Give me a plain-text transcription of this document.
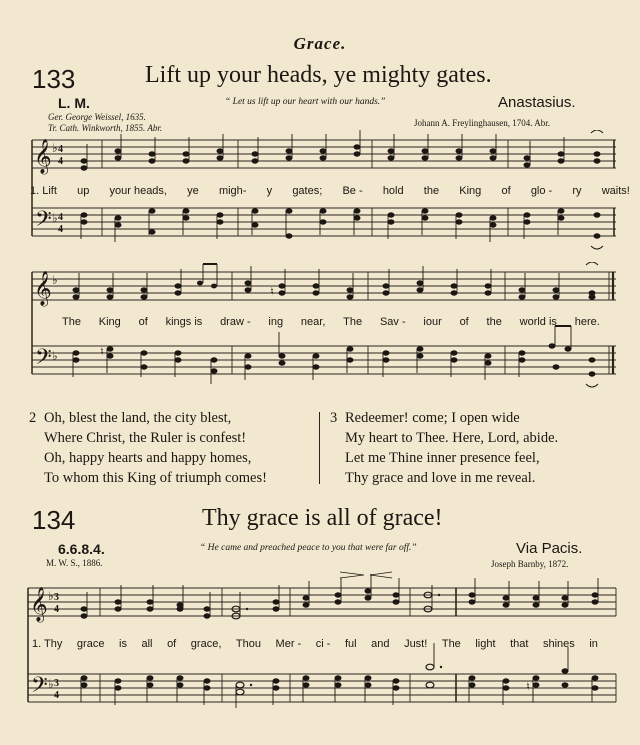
Grace.
133	Lift up your heads, ye mighty gates.
L. M.	“ Let us lift up our heart with our hands.”	Anastasius.
Ger. George Weissel, 1635.
Tr. Cath. Winkworth, 1855. Abr.	Johann A. Freylinghausen, 1704. Abr.
𝄞
𝄢
4
4
4
4
♭
♭
1. Lift up your heads, ye migh- y gates; Be - hold the King of glo - ry waits!
𝄞
𝄢
♭
♭
♮
♮
The King of kings is draw - ing near, The Sav - iour of the world is here.
2 Oh, blest the land, the city blest,
Where Christ, the Ruler is confest!
Oh, happy hearts and happy homes,
To whom this King of triumph comes!
3 Redeemer! come; I open wide
My heart to Thee. Here, Lord, abide.
Let me Thine inner presence feel,
Thy grace and love in me reveal.
134	Thy grace is all of grace!
6.6.8.4.	“ He came and preached peace to you that were far off.”	Via Pacis.
M. W. S., 1886.	Joseph Barnby, 1872.
𝄞
𝄢
3
4
3
4
♭
♭	♮
1. Thy grace is all of grace, Thou Mer - ci - ful and Just! The light that shines in
